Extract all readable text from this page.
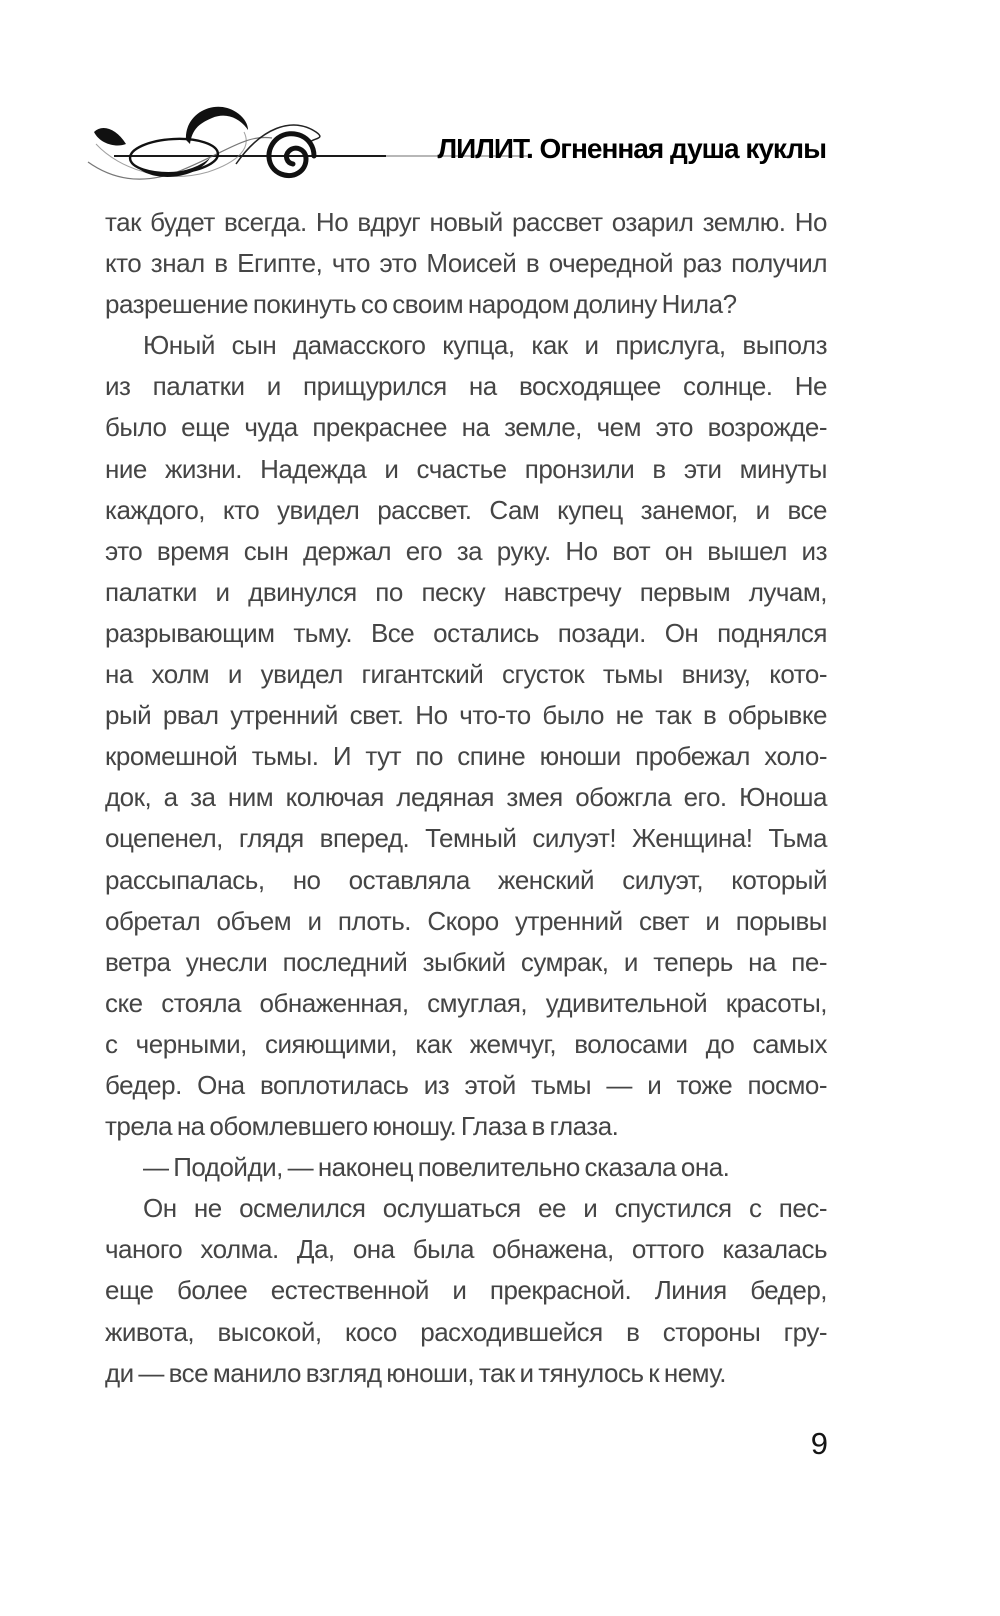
ЛИЛИТ. Огненная душа куклы
так будет всегда. Но вдруг новый рассвет озарил землю. Но
кто знал в Египте, что это Моисей в очередной раз получил
разрешение покинуть со своим народом долину Нила?
Юный сын дамасского купца, как и прислуга, выполз
из палатки и прищурился на восходящее солнце. Не
было еще чуда прекраснее на земле, чем это возрожде-
ние жизни. Надежда и счастье пронзили в эти минуты
каждого, кто увидел рассвет. Сам купец занемог, и все
это время сын держал его за руку. Но вот он вышел из
палатки и двинулся по песку навстречу первым лучам,
разрывающим тьму. Все остались позади. Он поднялся
на холм и увидел гигантский сгусток тьмы внизу, кото-
рый рвал утренний свет. Но что-то было не так в обрывке
кромешной тьмы. И тут по спине юноши пробежал холо-
док, а за ним колючая ледяная змея обожгла его. Юноша
оцепенел, глядя вперед. Темный силуэт! Женщина! Тьма
рассыпалась, но оставляла женский силуэт, который
обретал объем и плоть. Скоро утренний свет и порывы
ветра унесли последний зыбкий сумрак, и теперь на пе-
ске стояла обнаженная, смуглая, удивительной красоты,
с черными, сияющими, как жемчуг, волосами до самых
бедер. Она воплотилась из этой тьмы — и тоже посмо-
трела на обомлевшего юношу. Глаза в глаза.
— Подойди, — наконец повелительно сказала она.
Он не осмелился ослушаться ее и спустился с пес-
чаного холма. Да, она была обнажена, оттого казалась
еще более естественной и прекрасной. Линия бедер,
живота, высокой, косо расходившейся в стороны гру-
ди — все манило взгляд юноши, так и тянулось к нему.
9
